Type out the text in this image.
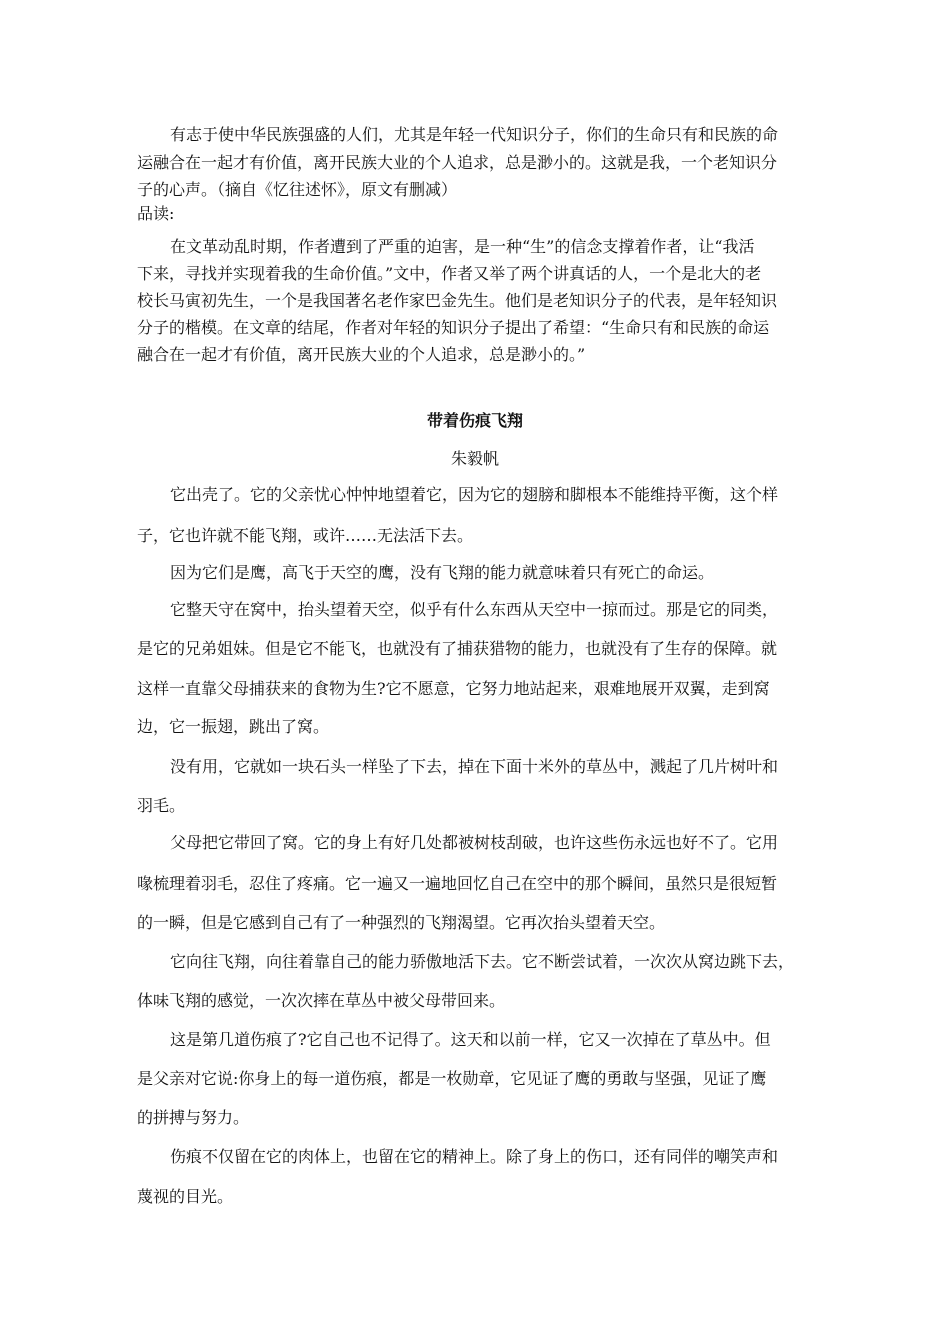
有志于使中华民族强盛的人们，尤其是年轻一代知识分子，你们的生命只有和民族的命
运融合在一起才有价值，离开民族大业的个人追求，总是渺小的。这就是我，一个老知识分
子的心声。（摘自《忆往述怀》，原文有删减）
品读:
在文革动乱时期，作者遭到了严重的迫害，是一种“生”的信念支撑着作者，让“我活
下来，寻找并实现着我的生命价值。”文中，作者又举了两个讲真话的人，一个是北大的老
校长马寅初先生，一个是我国著名老作家巴金先生。他们是老知识分子的代表，是年轻知识
分子的楷模。在文章的结尾，作者对年轻的知识分子提出了希望：“生命只有和民族的命运
融合在一起才有价值，离开民族大业的个人追求，总是渺小的。”
带着伤痕飞翔
朱毅帆
它出壳了。它的父亲忧心忡忡地望着它，因为它的翅膀和脚根本不能维持平衡，这个样
子，它也许就不能飞翔，或许……无法活下去。
因为它们是鹰，高飞于天空的鹰，没有飞翔的能力就意味着只有死亡的命运。
它整天守在窝中，抬头望着天空，似乎有什么东西从天空中一掠而过。那是它的同类，
是它的兄弟姐妹。但是它不能飞，也就没有了捕获猎物的能力，也就没有了生存的保障。就
这样一直靠父母捕获来的食物为生?它不愿意，它努力地站起来，艰难地展开双翼，走到窝
边，它一振翅，跳出了窝。
没有用，它就如一块石头一样坠了下去，掉在下面十米外的草丛中，溅起了几片树叶和
羽毛。
父母把它带回了窝。它的身上有好几处都被树枝刮破，也许这些伤永远也好不了。它用
喙梳理着羽毛，忍住了疼痛。它一遍又一遍地回忆自己在空中的那个瞬间，虽然只是很短暂
的一瞬，但是它感到自己有了一种强烈的飞翔渴望。它再次抬头望着天空。
它向往飞翔，向往着靠自己的能力骄傲地活下去。它不断尝试着，一次次从窝边跳下去，
体味飞翔的感觉，一次次摔在草丛中被父母带回来。
这是第几道伤痕了?它自己也不记得了。这天和以前一样，它又一次掉在了草丛中。但
是父亲对它说:你身上的每一道伤痕，都是一枚勋章，它见证了鹰的勇敢与坚强，见证了鹰
的拼搏与努力。
伤痕不仅留在它的肉体上，也留在它的精神上。除了身上的伤口，还有同伴的嘲笑声和
蔑视的目光。
